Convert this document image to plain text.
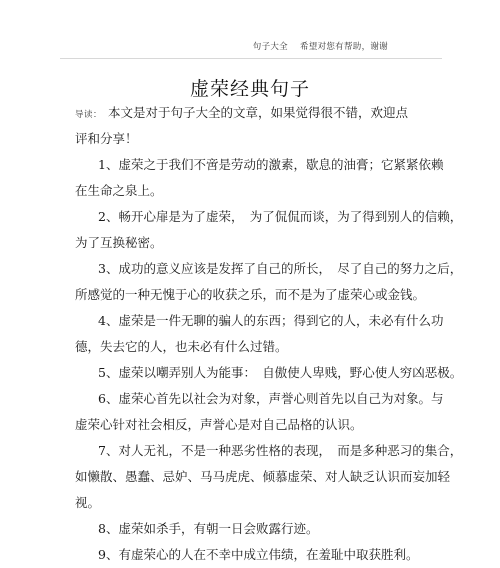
句子大全 希望对您有帮助，谢谢
虚荣经典句子
导读： 本文是对于句子大全的文章，如果觉得很不错，欢迎点
评和分享！
1、虚荣之于我们不啻是劳动的激素，歇息的油膏；它紧紧依赖
在生命之泉上。
2、畅开心扉是为了虚荣，　为了侃侃而谈，为了得到别人的信赖，
为了互换秘密。
3、成功的意义应该是发挥了自己的所长，　尽了自己的努力之后，
所感觉的一种无愧于心的收获之乐，而不是为了虚荣心或金钱。
4、虚荣是一件无聊的骗人的东西；得到它的人，未必有什么功
德，失去它的人，也未必有什么过错。
5、虚荣以嘲弄别人为能事：　自傲使人卑贱，野心使人穷凶恶极。
6、虚荣心首先以社会为对象，声誉心则首先以自己为对象。与
虚荣心针对社会相反，声誉心是对自己品格的认识。
7、对人无礼，不是一种恶劣性格的表现，　而是多种恶习的集合，
如懒散、愚蠢、忌妒、马马虎虎、倾慕虚荣、对人缺乏认识而妄加轻
视。
8、虚荣如杀手，有朝一日会败露行迹。
9、有虚荣心的人在不幸中成立伟绩，在羞耻中取获胜利。
